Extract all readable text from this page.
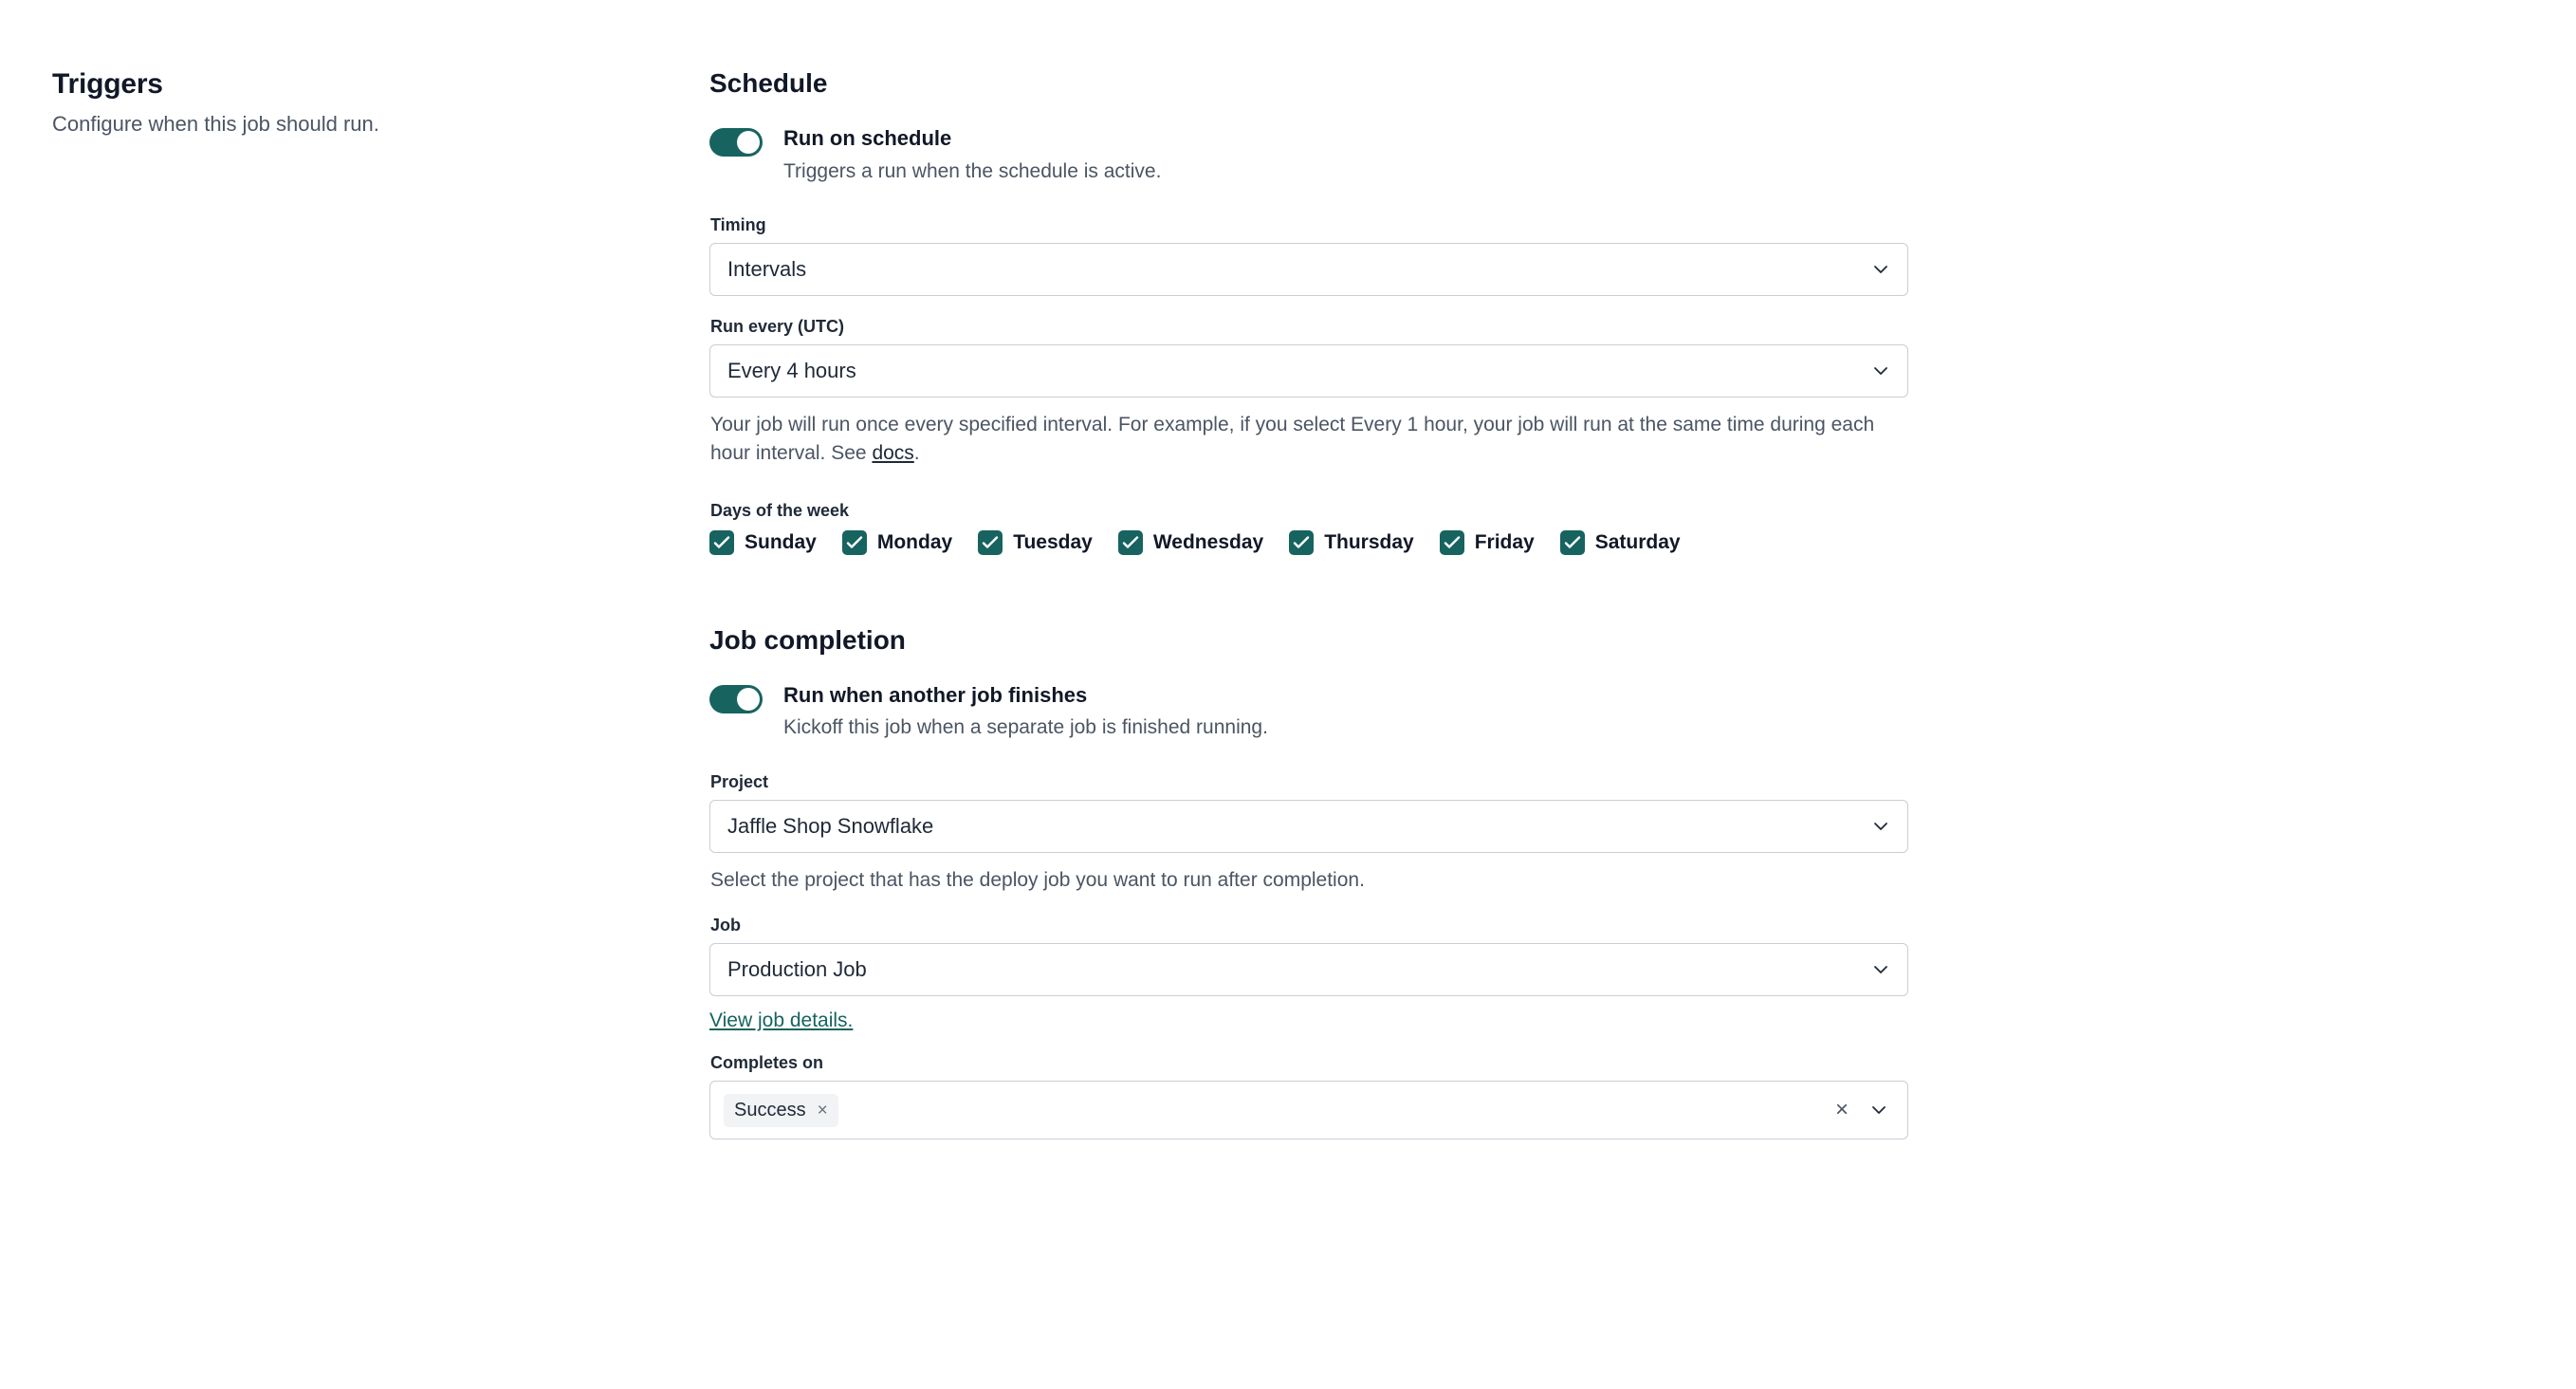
Triggers

Configure when this job should run.

Schedule
Run on schedule
Triggers a run when the schedule is active.
Timing
Intervals
Run every (UTC)
Every 4 hours

Your job will run once every specified interval. For example, if you select Every 1 hour, your job will run at the same time during each hour interval. See docs.

Days of the week
Sunday	Monday	Tuesday	Wednesday	Thursday	Friday	Saturday
Job completion
Run when another job finishes
Kickoff this job when a separate job is finished running.
Project
Jaffle Shop Snowflake

Select the project that has the deploy job you want to run after completion.

Job
Production Job
View job details.
Completes on
Success ×	×
